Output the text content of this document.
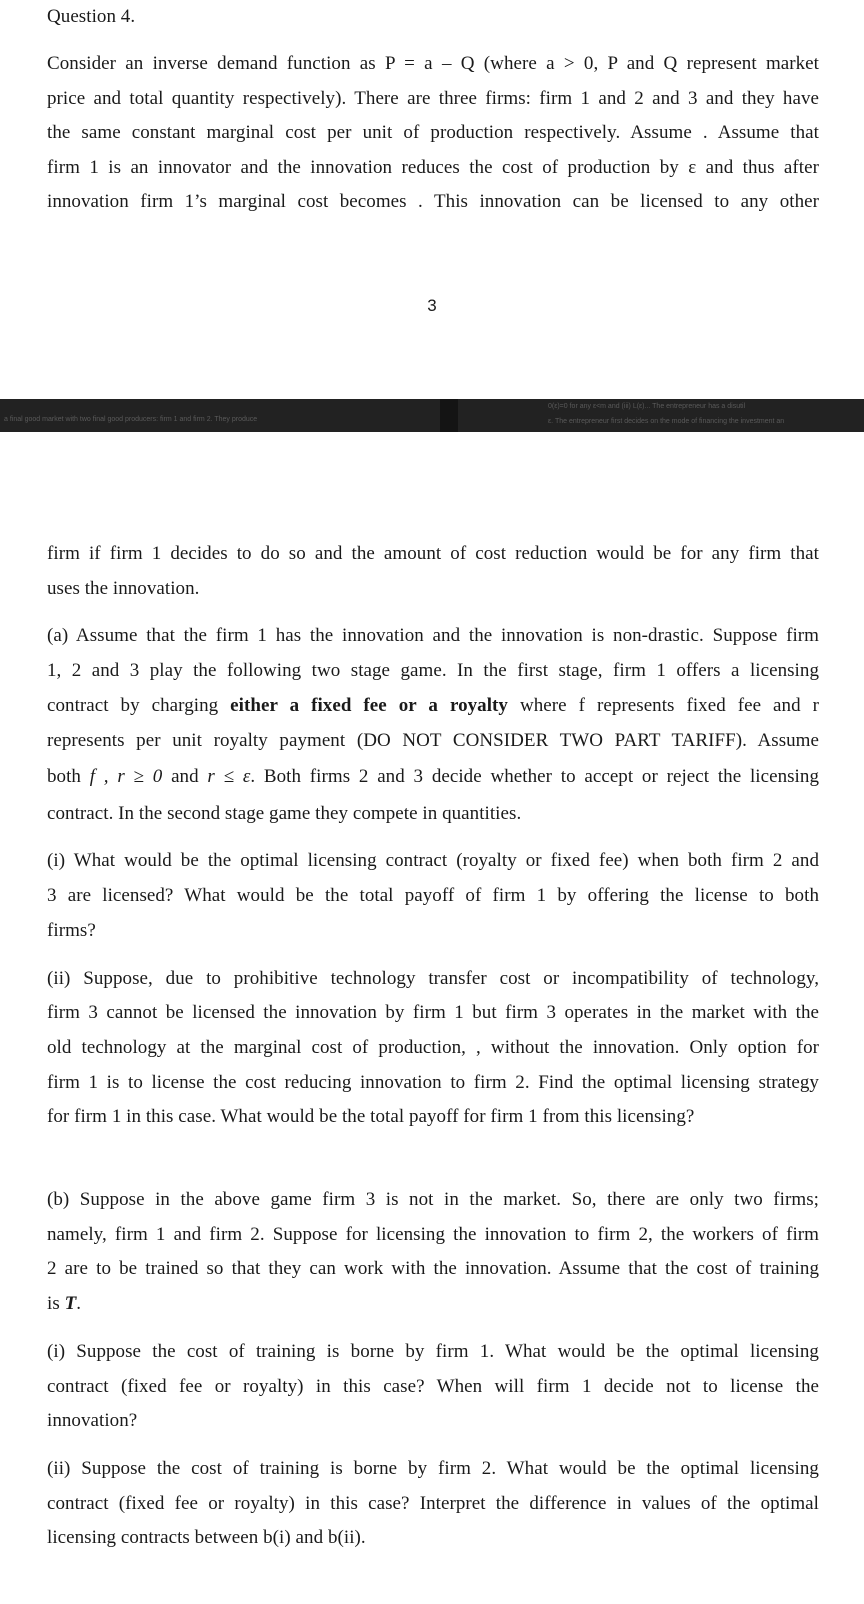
Question 4.
Consider an inverse demand function as P = a – Q (where a > 0, P and Q represent market
price and total quantity respectively). There are three firms: firm 1 and 2 and 3 and they have
the same constant marginal cost per unit of production respectively. Assume . Assume that
firm 1 is an innovator and the innovation reduces the cost of production by ε and thus after
innovation firm 1’s marginal cost becomes . This innovation can be licensed to any other
3
a final good market with two final good producers: firm 1 and firm 2. They produce
0(ε)=0 for any ε<m and (iii) L(ε)... The entrepreneur has a disutil
ε. The entrepreneur first decides on the mode of financing the investment an
firm if firm 1 decides to do so and the amount of cost reduction would be for any firm that
uses the innovation.
(a) Assume that the firm 1 has the innovation and the innovation is non-drastic. Suppose firm
1, 2 and 3 play the following two stage game. In the first stage, firm 1 offers a licensing
contract by charging either a fixed fee or a royalty where f represents fixed fee and r
represents per unit royalty payment (DO NOT CONSIDER TWO PART TARIFF). Assume
both f , r ≥ 0 and r ≤ ε. Both firms 2 and 3 decide whether to accept or reject the licensing
contract. In the second stage game they compete in quantities.
(i) What would be the optimal licensing contract (royalty or fixed fee) when both firm 2 and
3 are licensed? What would be the total payoff of firm 1 by offering the license to both
firms?
(ii) Suppose, due to prohibitive technology transfer cost or incompatibility of technology,
firm 3 cannot be licensed the innovation by firm 1 but firm 3 operates in the market with the
old technology at the marginal cost of production, , without the innovation. Only option for
firm 1 is to license the cost reducing innovation to firm 2. Find the optimal licensing strategy
for firm 1 in this case. What would be the total payoff for firm 1 from this licensing?
(b) Suppose in the above game firm 3 is not in the market. So, there are only two firms;
namely, firm 1 and firm 2. Suppose for licensing the innovation to firm 2, the workers of firm
2 are to be trained so that they can work with the innovation. Assume that the cost of training
is T.
(i) Suppose the cost of training is borne by firm 1. What would be the optimal licensing
contract (fixed fee or royalty) in this case? When will firm 1 decide not to license the
innovation?
(ii) Suppose the cost of training is borne by firm 2. What would be the optimal licensing
contract (fixed fee or royalty) in this case? Interpret the difference in values of the optimal
licensing contracts between b(i) and b(ii).
